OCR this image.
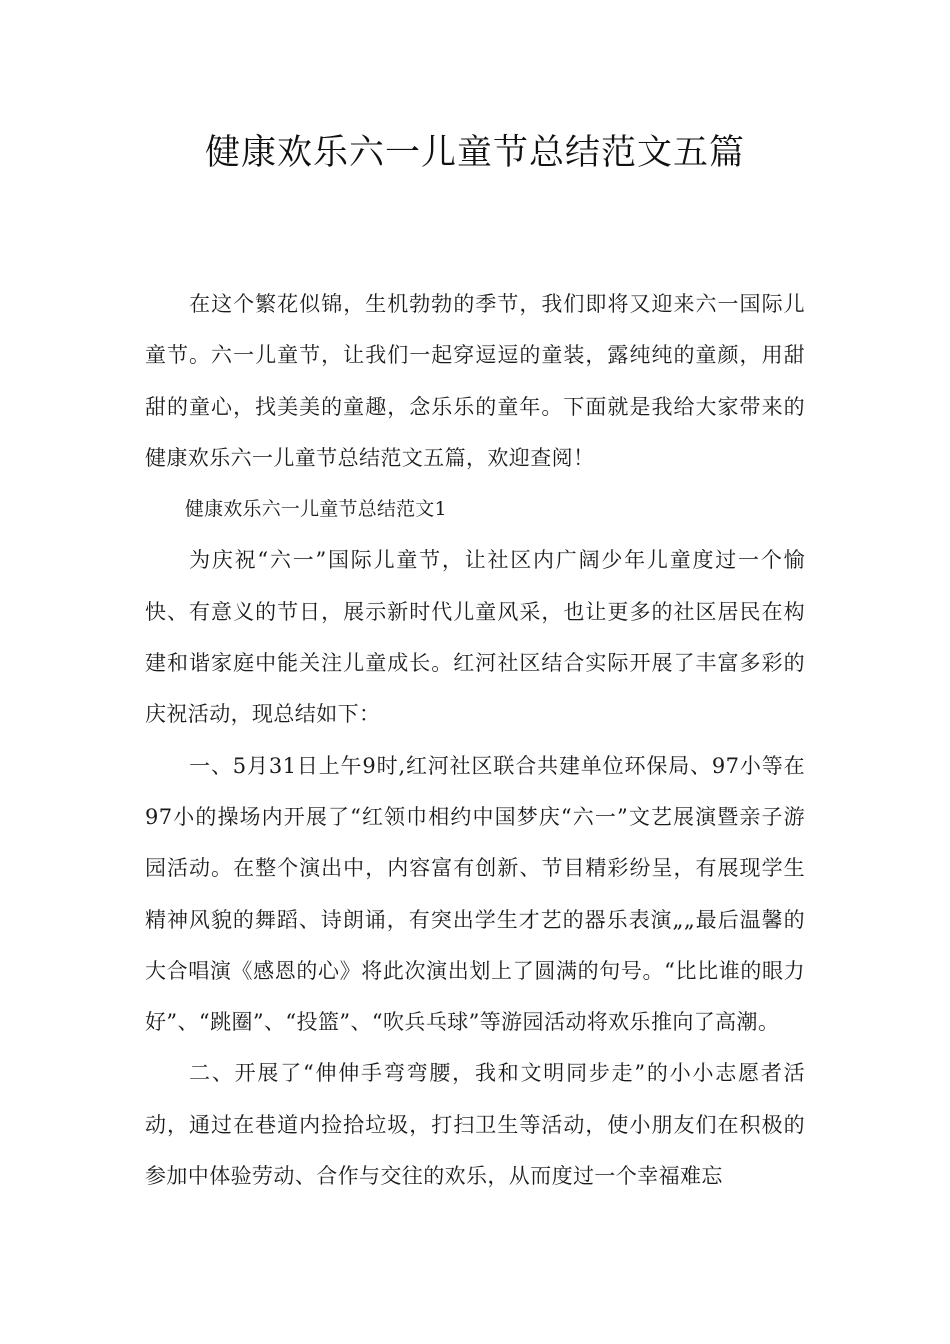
健康欢乐六一儿童节总结范文五篇

在这个繁花似锦，生机勃勃的季节，我们即将又迎来六一国际儿童节。六一儿童节，让我们一起穿逗逗的童装，露纯纯的童颜，用甜甜的童心，找美美的童趣，念乐乐的童年。下面就是我给大家带来的健康欢乐六一儿童节总结范文五篇，欢迎查阅！

健康欢乐六一儿童节总结范文1

为庆祝“六一”国际儿童节，让社区内广阔少年儿童度过一个愉快、有意义的节日，展示新时代儿童风采，也让更多的社区居民在构建和谐家庭中能关注儿童成长。红河社区结合实际开展了丰富多彩的庆祝活动，现总结如下：

一、5月31日上午9时,红河社区联合共建单位环保局、97小等在97小的操场内开展了“红领巾相约中国梦庆“六一”文艺展演暨亲子游园活动。在整个演出中，内容富有创新、节目精彩纷呈，有展现学生精神风貌的舞蹈、诗朗诵，有突出学生才艺的器乐表演„„最后温馨的大合唱演《感恩的心》将此次演出划上了圆满的句号。“比比谁的眼力好”、“跳圈”、“投篮”、“吹兵乓球”等游园活动将欢乐推向了高潮。

二、开展了“伸伸手弯弯腰，我和文明同步走”的小小志愿者活动，通过在巷道内捡拾垃圾，打扫卫生等活动，使小朋友们在积极的参加中体验劳动、合作与交往的欢乐，从而度过一个幸福难忘
